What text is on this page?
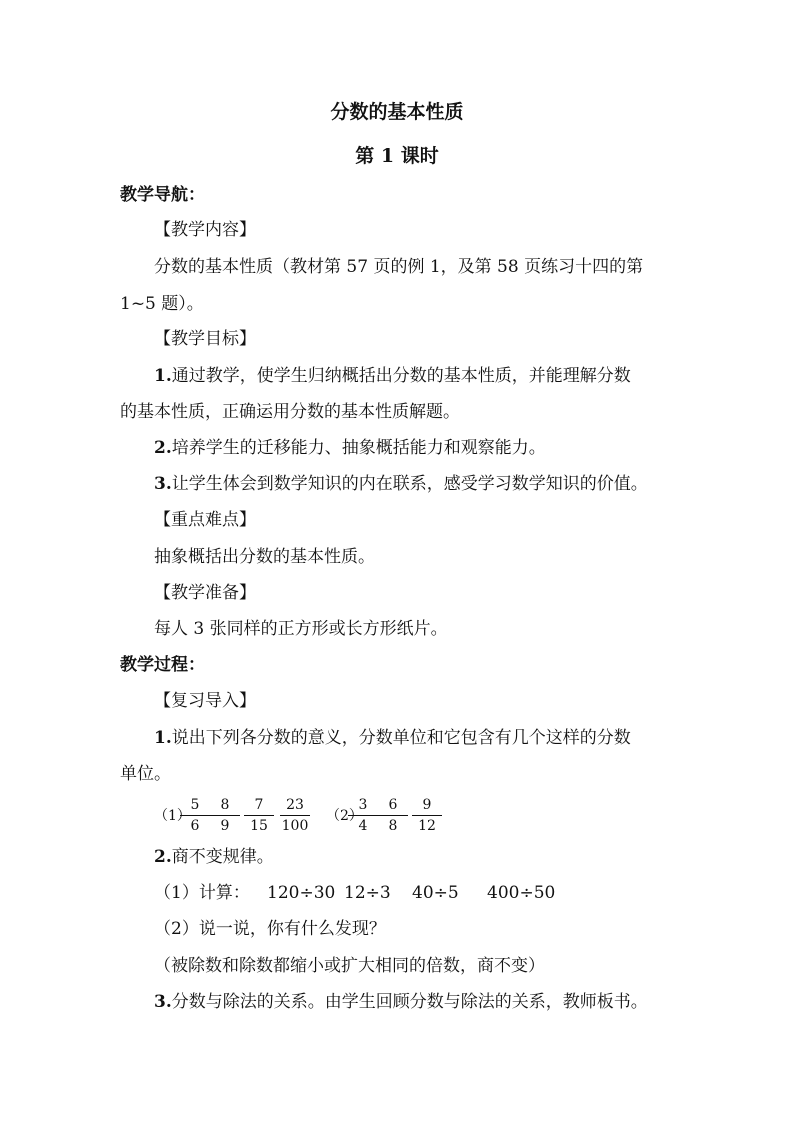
分数的基本性质
第 1 课时
教学导航：
【教学内容】
分数的基本性质（教材第 57 页的例 1，及第 58 页练习十四的第
1~5 题）。
【教学目标】
1.通过教学，使学生归纳概括出分数的基本性质，并能理解分数
的基本性质，正确运用分数的基本性质解题。
2.培养学生的迁移能力、抽象概括能力和观察能力。
3.让学生体会到数学知识的内在联系，感受学习数学知识的价值。
【重点难点】
抽象概括出分数的基本性质。
【教学准备】
每人 3 张同样的正方形或长方形纸片。
教学过程：
【复习导入】
1.说出下列各分数的意义，分数单位和它包含有几个这样的分数
单位。
（1）
$\frac{5}{6} \frac{8}{9} \frac{7}{15} \frac{23}{100} (2)$
$\frac{3}{4} \frac{6}{8} \frac{9}{12}$
2.商不变规律。
（1）计算： 120÷30 12÷3 40÷5 400÷50
（2）说一说，你有什么发现？
（被除数和除数都缩小或扩大相同的倍数，商不变）
3.分数与除法的关系。由学生回顾分数与除法的关系，教师板书。
